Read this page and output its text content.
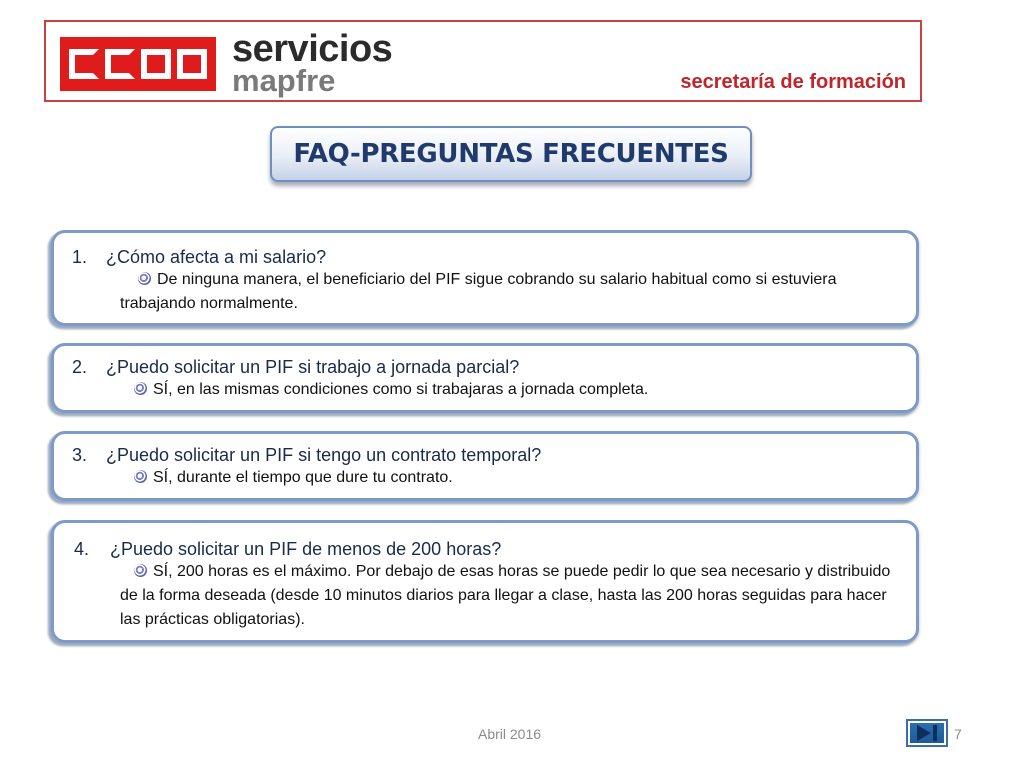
servicios
mapfre	secretaría de formación
FAQ-PREGUNTAS FRECUENTES
1.	¿Cómo afecta a mi salario?
De ninguna manera, el beneficiario del PIF sigue cobrando su salario habitual como si estuviera trabajando normalmente.
2.	¿Puedo solicitar un PIF si trabajo a jornada parcial?
SÍ, en las mismas condiciones como si trabajaras a jornada completa.
3.	¿Puedo solicitar un PIF si tengo un contrato temporal?
SÍ, durante el tiempo que dure tu contrato.
4.	¿Puedo solicitar un PIF de menos de 200 horas?
SÍ, 200 horas es el máximo. Por debajo de esas horas se puede pedir lo que sea necesario y distribuido de la forma deseada (desde 10 minutos diarios para llegar a clase, hasta las 200 horas seguidas para hacer las prácticas obligatorias).
Abril 2016	7
